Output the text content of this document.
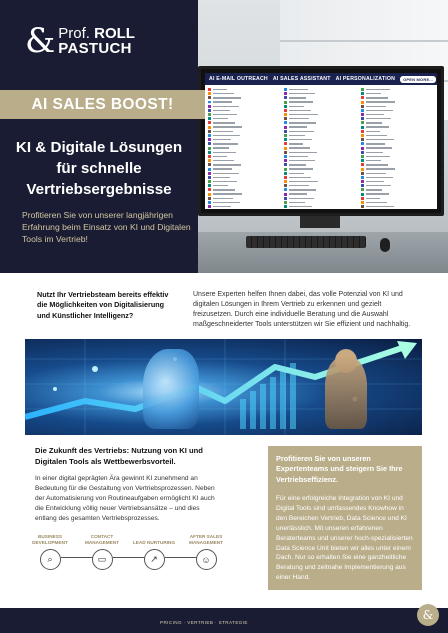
AI E-MAIL OUTREACH AI SALES ASSISTANT AI PERSONALIZATION	OPEN MORE...
& Prof. ROLL
PASTUCH
AI SALES BOOST!
KI & Digitale Lösungen
für schnelle
Vertriebsergebnisse
Profitieren Sie von unserer langjährigen Erfahrung beim Einsatz von KI und Digitalen Tools im Vertrieb!
Nutzt Ihr Vertriebsteam bereits effektiv die Möglichkeiten von Digitalisierung und Künstlicher Intelligenz?
Unsere Experten helfen Ihnen dabei, das volle Potenzial von KI und digitalen Lösungen in Ihrem Vertrieb zu erkennen und gezielt freizusetzen. Durch eine individuelle Beratung und die Auswahl maßgeschneiderter Tools unterstützen wir Sie effizient und nachhaltig.
Die Zukunft des Vertriebs: Nutzung von KI und Digitalen Tools als Wettbewerbsvorteil.
In einer digital geprägten Ära gewinnt KI zunehmend an Bedeutung für die Gestaltung von Vertriebsprozessen. Neben der Automatisierung von Routineaufgaben ermöglicht KI auch die Entwicklung völlig neuer Vertriebsansätze – und dies entlang des gesamten Vertriebsprozesses.
BUSINESS DEVELOPMENT
⌕
CONTACT MANAGEMENT
▭
LEAD NURTURING
↗
AFTER SALES MANAGEMENT
☺
Profitieren Sie von unseren Expertenteams und steigern Sie Ihre Vertriebseffizienz.
Für eine erfolgreiche Integration von KI und Digital Tools sind umfassendes Knowhow in den Bereichen Vertrieb, Data Science und KI unerlässlich. Mit unseren erfahrenen Beraterteams und unserer hoch-spezialisierten Data Science Unit bieten wir alles unter einem Dach. Nur so erhalten Sie eine ganzheitliche Beratung und zeitnahe Implementierung aus einer Hand.
PRICING · VERTRIEB · STRATEGIE
&
